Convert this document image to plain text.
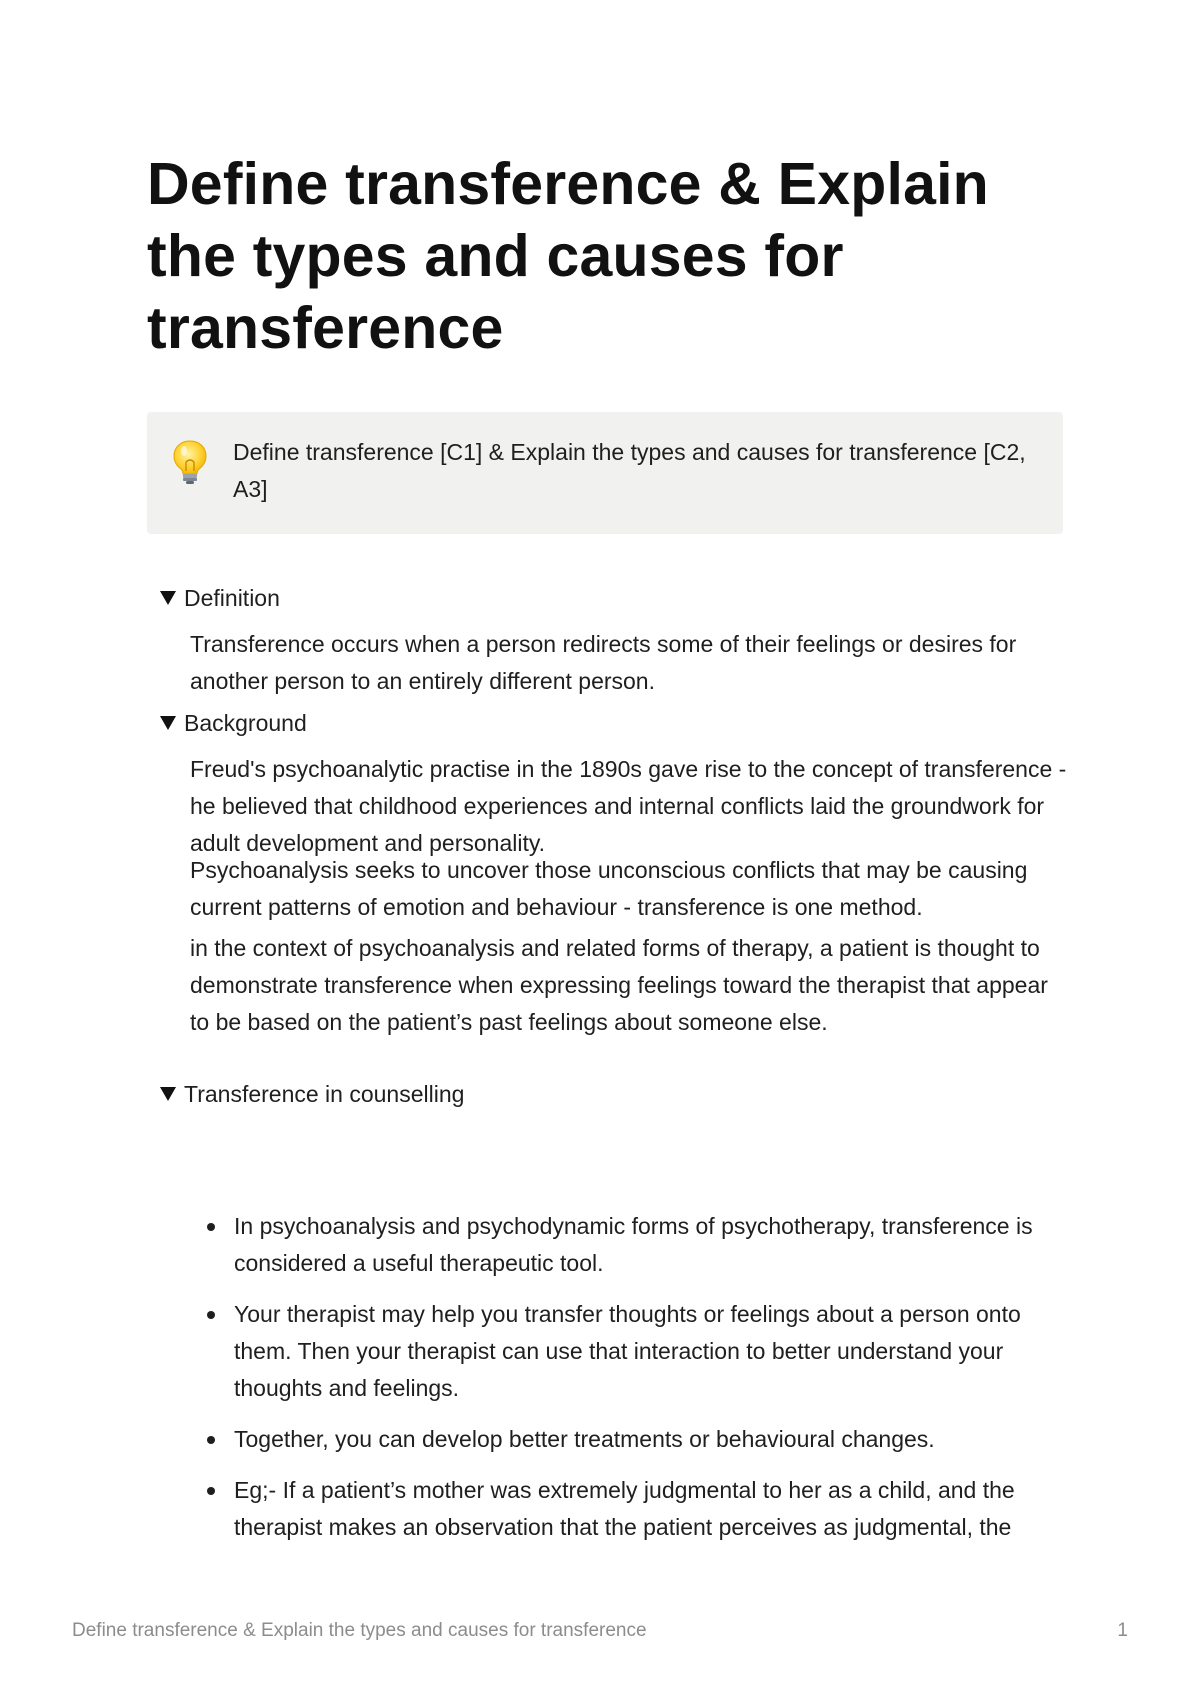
Define transference & Explain the types and causes for transference
Define transference [C1] & Explain the types and causes for transference [C2, A3]
Definition

Transference occurs when a person redirects some of their feelings or desires for another person to an entirely different person.

Background

Freud's psychoanalytic practise in the 1890s gave rise to the concept of transference - he believed that childhood experiences and internal conflicts laid the groundwork for adult development and personality.

Psychoanalysis seeks to uncover those unconscious conflicts that may be causing current patterns of emotion and behaviour - transference is one method.

in the context of psychoanalysis and related forms of therapy, a patient is thought to demonstrate transference when expressing feelings toward the therapist that appear to be based on the patient’s past feelings about someone else.

Transference in counselling
In psychoanalysis and psychodynamic forms of psychotherapy, transference is considered a useful therapeutic tool.
Your therapist may help you transfer thoughts or feelings about a person onto them. Then your therapist can use that interaction to better understand your thoughts and feelings.
Together, you can develop better treatments or behavioural changes.
Eg;- If a patient’s mother was extremely judgmental to her as a child, and the therapist makes an observation that the patient perceives as judgmental, the
Define transference & Explain the types and causes for transference	1
